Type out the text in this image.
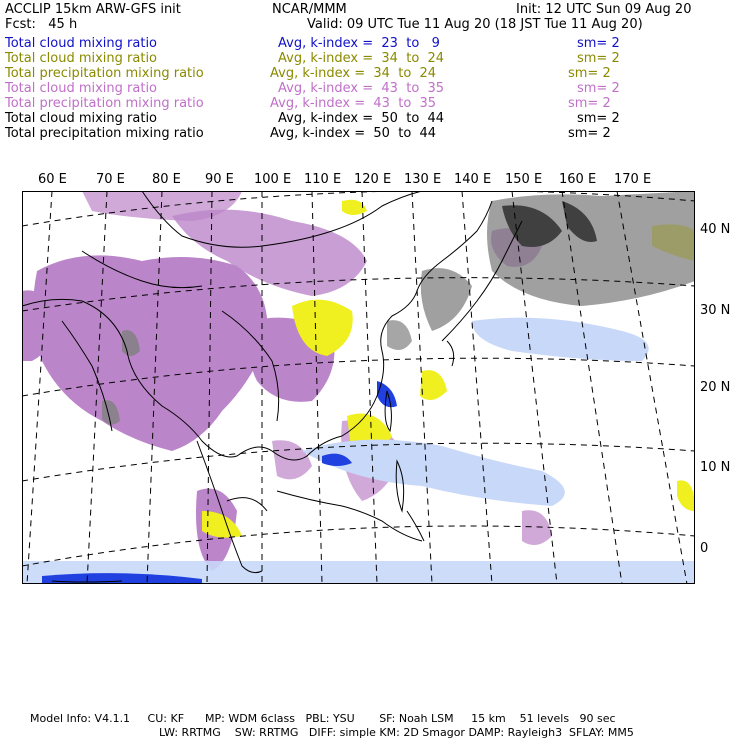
ACCLIP 15km ARW-GFS init	NCAR/MMM	Init: 12 UTC Sun 09 Aug 20
Fcst:   45 h	Valid: 09 UTC Tue 11 Aug 20 (18 JST Tue 11 Aug 20)
Total cloud mixing ratio	Avg, k-index =  23  to   9	sm= 2
Total cloud mixing ratio	Avg, k-index =  34  to  24	sm= 2
Total precipitation mixing ratio	Avg, k-index =  34  to  24	sm= 2
Total cloud mixing ratio	Avg, k-index =  43  to  35	sm= 2
Total precipitation mixing ratio	Avg, k-index =  43  to  35	sm= 2
Total cloud mixing ratio	Avg, k-index =  50  to  44	sm= 2
Total precipitation mixing ratio	Avg, k-index =  50  to  44	sm= 2
60 E 70 E 80 E 90 E 100 E 110 E 120 E 130 E 140 E 150 E 160 E 170 E
40 N
30 N
20 N
10 N
0
Model Info: V4.1.1     CU: KF      MP: WDM 6class   PBL: YSU       SF: Noah LSM     15 km    51 levels   90 sec
LW: RRTMG    SW: RRTMG   DIFF: simple KM: 2D Smagor DAMP: Rayleigh3  SFLAY: MM5
